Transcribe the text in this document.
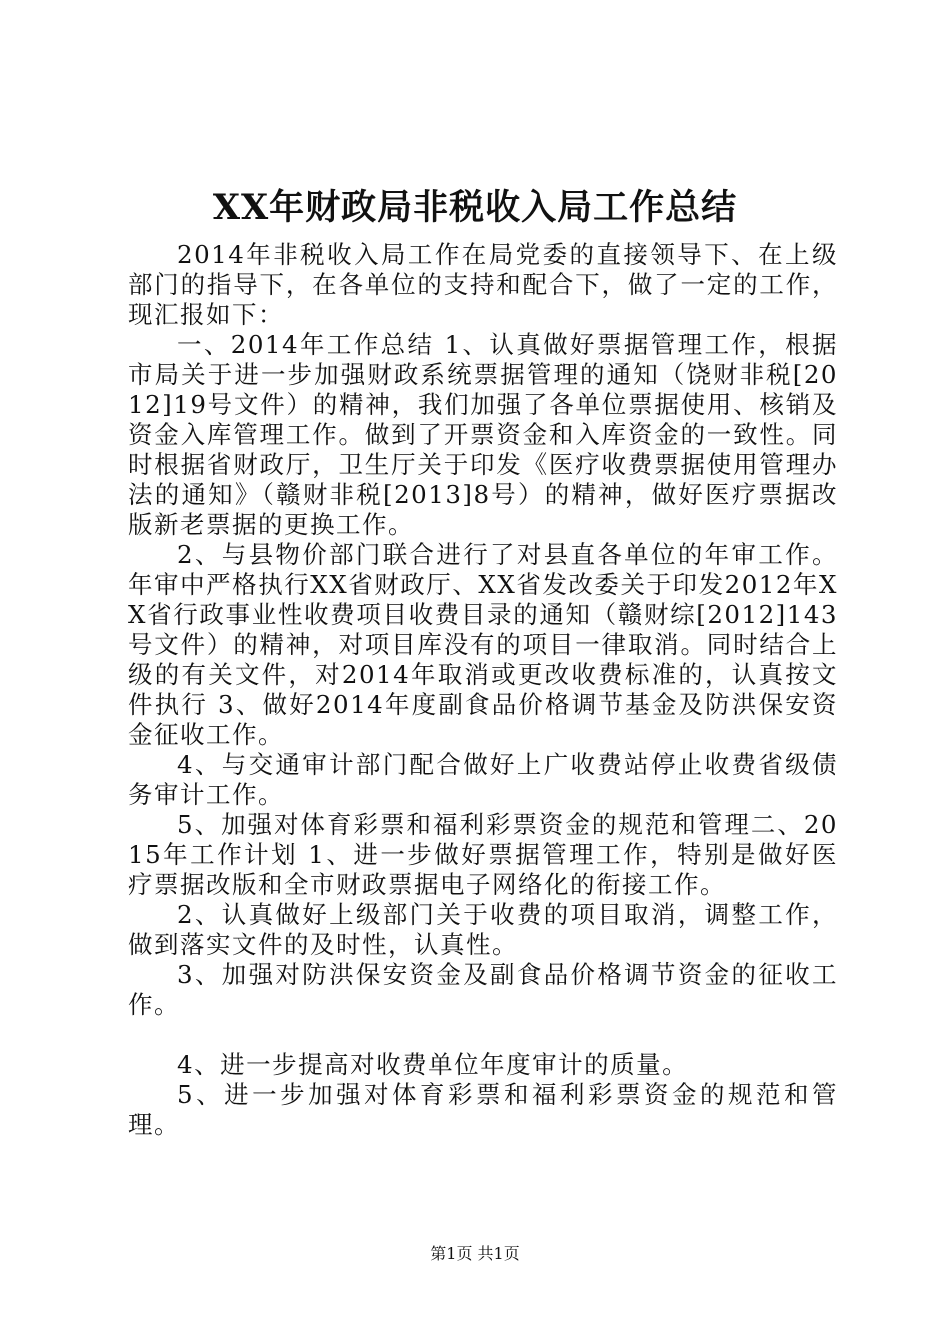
XX年财政局非税收入局工作总结

2014年非税收入局工作在局党委的直接领导下、在上级部门的指导下，在各单位的支持和配合下，做了一定的工作，现汇报如下：

一、2014年工作总结 1、认真做好票据管理工作，根据市局关于进一步加强财政系统票据管理的通知（饶财非税[2012]19号文件）的精神，我们加强了各单位票据使用、核销及资金入库管理工作。做到了开票资金和入库资金的一致性。同时根据省财政厅，卫生厅关于印发《医疗收费票据使用管理办法的通知》（赣财非税[2013]8号）的精神，做好医疗票据改版新老票据的更换工作。

2、与县物价部门联合进行了对县直各单位的年审工作。年审中严格执行XX省财政厅、XX省发改委关于印发2012年XX省行政事业性收费项目收费目录的通知（赣财综[2012]143号文件）的精神，对项目库没有的项目一律取消。同时结合上级的有关文件，对2014年取消或更改收费标准的，认真按文件执行 3、做好2014年度副食品价格调节基金及防洪保安资金征收工作。

4、与交通审计部门配合做好上广收费站停止收费省级债务审计工作。

5、加强对体育彩票和福利彩票资金的规范和管理二、2015年工作计划 1、进一步做好票据管理工作，特别是做好医疗票据改版和全市财政票据电子网络化的衔接工作。

2、认真做好上级部门关于收费的项目取消，调整工作，做到落实文件的及时性，认真性。

3、加强对防洪保安资金及副食品价格调节资金的征收工作。

4、进一步提高对收费单位年度审计的质量。

5、进一步加强对体育彩票和福利彩票资金的规范和管理。

第1页 共1页
